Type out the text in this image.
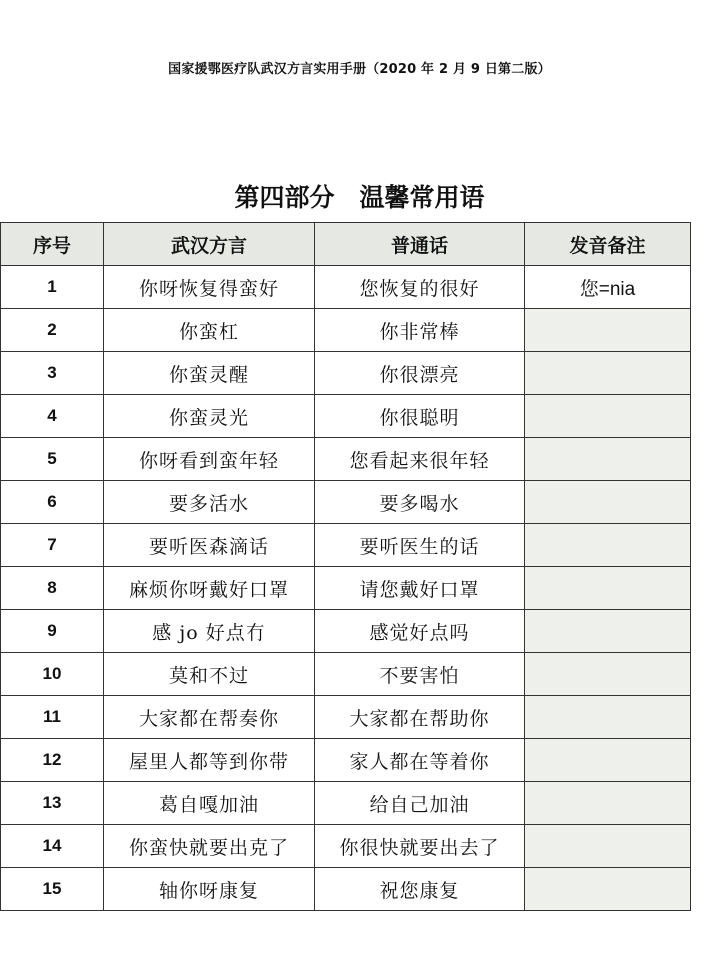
国家援鄂医疗队武汉方言实用手册（2020 年 2 月 9 日第二版）
第四部分　温馨常用语
序号	武汉方言	普通话	发音备注
1	你呀恢复得蛮好	您恢复的很好	您=nia
2	你蛮杠	你非常棒	
3	你蛮灵醒	你很漂亮	
4	你蛮灵光	你很聪明	
5	你呀看到蛮年轻	您看起来很年轻	
6	要多活水	要多喝水	
7	要听医森滴话	要听医生的话	
8	麻烦你呀戴好口罩	请您戴好口罩	
9	感 jo 好点冇	感觉好点吗	
10	莫和不过	不要害怕	
11	大家都在帮奏你	大家都在帮助你	
12	屋里人都等到你带	家人都在等着你	
13	葛自嘎加油	给自己加油	
14	你蛮快就要出克了	你很快就要出去了	
15	轴你呀康复	祝您康复	
